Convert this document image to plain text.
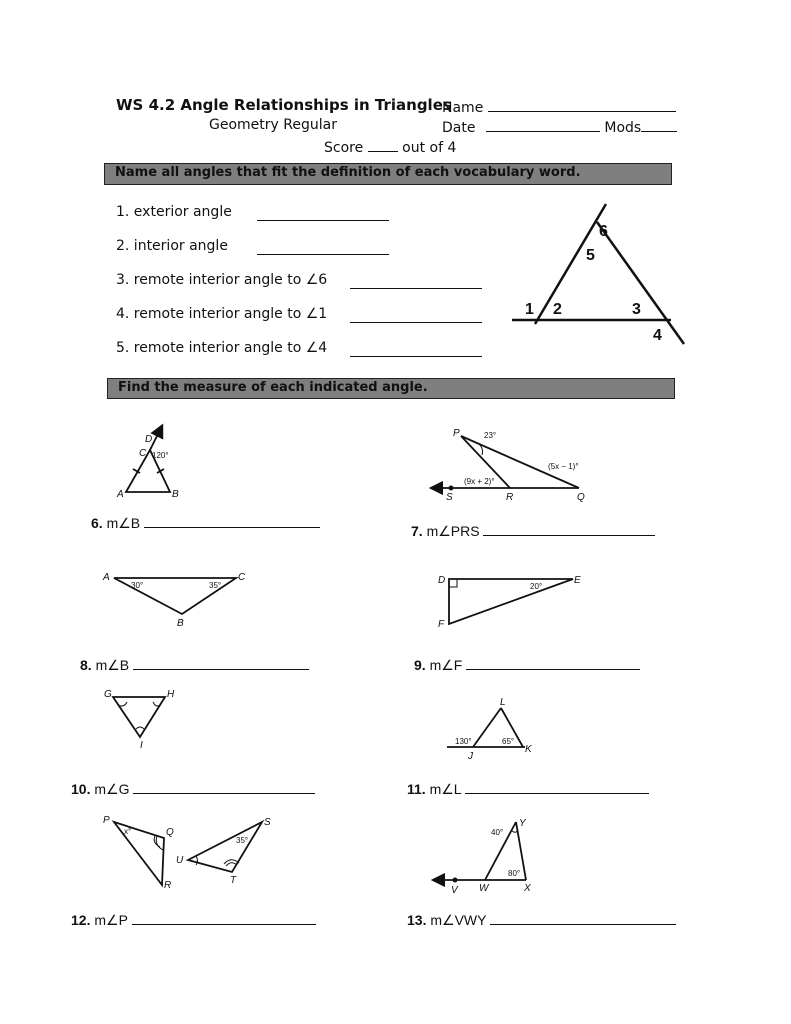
WS 4.2 Angle Relationships in Triangles
Name
Geometry Regular	Date	Mods
Score	out of 4
Name all angles that fit the definition of each vocabulary word.
1. exterior angle
2. interior angle
3. remote interior angle to ∠6
4. remote interior angle to ∠1
5. remote interior angle to ∠4
Find the measure of each indicated angle.
6. m∠B	7. m∠PRS
8. m∠B	9. m∠F
10. m∠G	11. m∠L
12. m∠P	13. m∠VWY
1 2	3
4
5
6
D
C
A	B
120°
P
S	R	Q
23°
(9x + 2)°
(5x − 1)°
A	C
B
30°	35°	D	E
F
20°
G	H
I
L
J
K
130°	65°
P
Q
R
S
T
U
x°
35°
Y
V W	X
40°
80°
